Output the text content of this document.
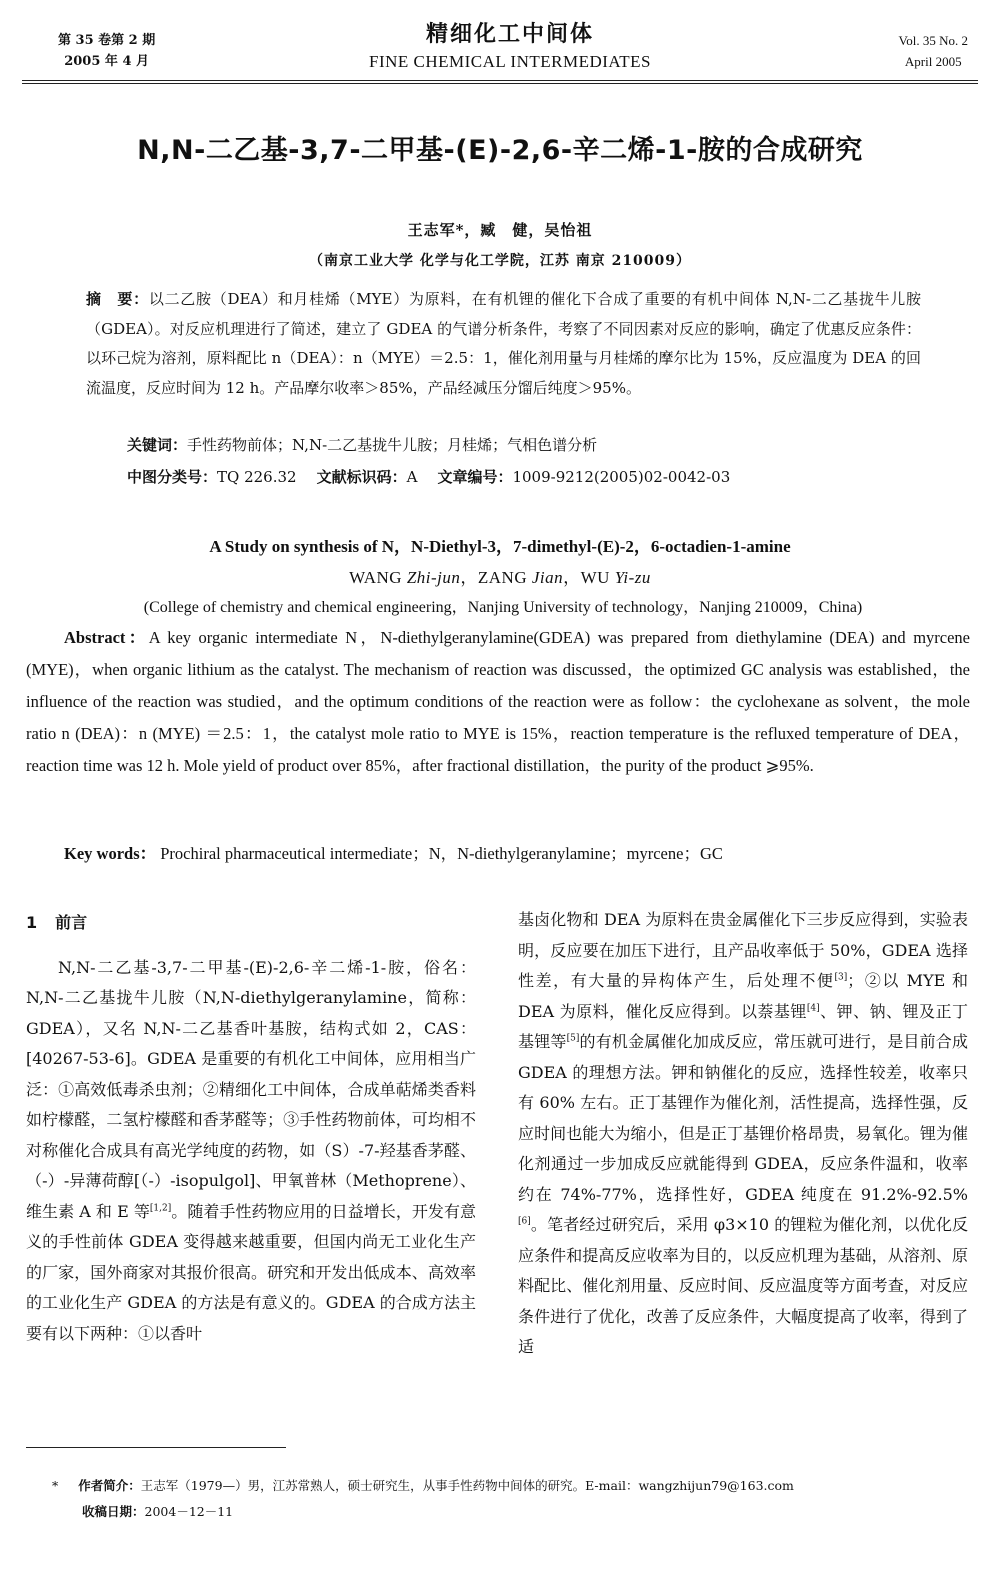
第 35 卷第 2 期
2005 年 4 月
精细化工中间体
FINE CHEMICAL INTERMEDIATES
Vol. 35 No. 2
April 2005
N,N-二乙基-3,7-二甲基-(E)-2,6-辛二烯-1-胺的合成研究
王志军*，臧　健，吴怡祖
（南京工业大学 化学与化工学院，江苏 南京 210009）
摘　要：以二乙胺（DEA）和月桂烯（MYE）为原料，在有机锂的催化下合成了重要的有机中间体 N,N-二乙基拢牛儿胺（GDEA）。对反应机理进行了简述，建立了 GDEA 的气谱分析条件，考察了不同因素对反应的影响，确定了优惠反应条件：以环己烷为溶剂，原料配比 n（DEA）：n（MYE）＝2.5：1，催化剂用量与月桂烯的摩尔比为 15%，反应温度为 DEA 的回流温度，反应时间为 12 h。产品摩尔收率＞85%，产品经减压分馏后纯度＞95%。
关键词：手性药物前体；N,N-二乙基拢牛儿胺；月桂烯；气相色谱分析
中图分类号：TQ 226.32 文献标识码：A 文章编号：1009-9212(2005)02-0042-03
A Study on synthesis of N，N-Diethyl-3，7-dimethyl-(E)-2，6-octadien-1-amine
WANG Zhi-jun，ZANG Jian，WU Yi-zu
(College of chemistry and chemical engineering，Nanjing University of technology，Nanjing 210009，China)
Abstract：A key organic intermediate N，N-diethylgeranylamine(GDEA) was prepared from diethylamine (DEA) and myrcene (MYE)，when organic lithium as the catalyst. The mechanism of reaction was discussed，the optimized GC analysis was established，the influence of the reaction was studied，and the optimum conditions of the reaction were as follow：the cyclohexane as solvent，the mole ratio n (DEA)：n (MYE) ＝2.5：1，the catalyst mole ratio to MYE is 15%，reaction temperature is the refluxed temperature of DEA，reaction time was 12 h. Mole yield of product over 85%，after fractional distillation，the purity of the product ⩾95%.
Key words： Prochiral pharmaceutical intermediate；N，N-diethylgeranylamine；myrcene；GC
1 前言
N,N-二乙基-3,7-二甲基-(E)-2,6-辛二烯-1-胺，俗名：N,N-二乙基拢牛儿胺（N,N-diethylgeranylamine，简称：GDEA），又名 N,N-二乙基香叶基胺，结构式如 2，CAS：[40267-53-6]。GDEA 是重要的有机化工中间体，应用相当广泛：①高效低毒杀虫剂；②精细化工中间体，合成单萜烯类香料如柠檬醛，二氢柠檬醛和香茅醛等；③手性药物前体，可均相不对称催化合成具有高光学纯度的药物，如（S）-7-羟基香茅醛、（-）-异薄荷醇[（-）-isopulgol]、甲氧普林（Methoprene）、维生素 A 和 E 等[1,2]。随着手性药物应用的日益增长，开发有意义的手性前体 GDEA 变得越来越重要，但国内尚无工业化生产的厂家，国外商家对其报价很高。研究和开发出低成本、高效率的工业化生产 GDEA 的方法是有意义的。GDEA 的合成方法主要有以下两种：①以香叶
基卤化物和 DEA 为原料在贵金属催化下三步反应得到，实验表明，反应要在加压下进行，且产品收率低于 50%，GDEA 选择性差，有大量的异构体产生，后处理不便[3]；②以 MYE 和 DEA 为原料，催化反应得到。以萘基锂[4]、钾、钠、锂及正丁基锂等[5]的有机金属催化加成反应，常压就可进行，是目前合成 GDEA 的理想方法。钾和钠催化的反应，选择性较差，收率只有 60% 左右。正丁基锂作为催化剂，活性提高，选择性强，反应时间也能大为缩小，但是正丁基锂价格昂贵，易氧化。锂为催化剂通过一步加成反应就能得到 GDEA，反应条件温和，收率约在 74%-77%，选择性好，GDEA 纯度在 91.2%-92.5%[6]。笔者经过研究后，采用 φ3×10 的锂粒为催化剂，以优化反应条件和提高反应收率为目的，以反应机理为基础，从溶剂、原料配比、催化剂用量、反应时间、反应温度等方面考查，对反应条件进行了优化，改善了反应条件，大幅度提高了收率，得到了适
* 作者简介：王志军（1979—）男，江苏常熟人，硕士研究生，从事手性药物中间体的研究。E-mail：wangzhijun79@163.com
收稿日期：2004－12－11
